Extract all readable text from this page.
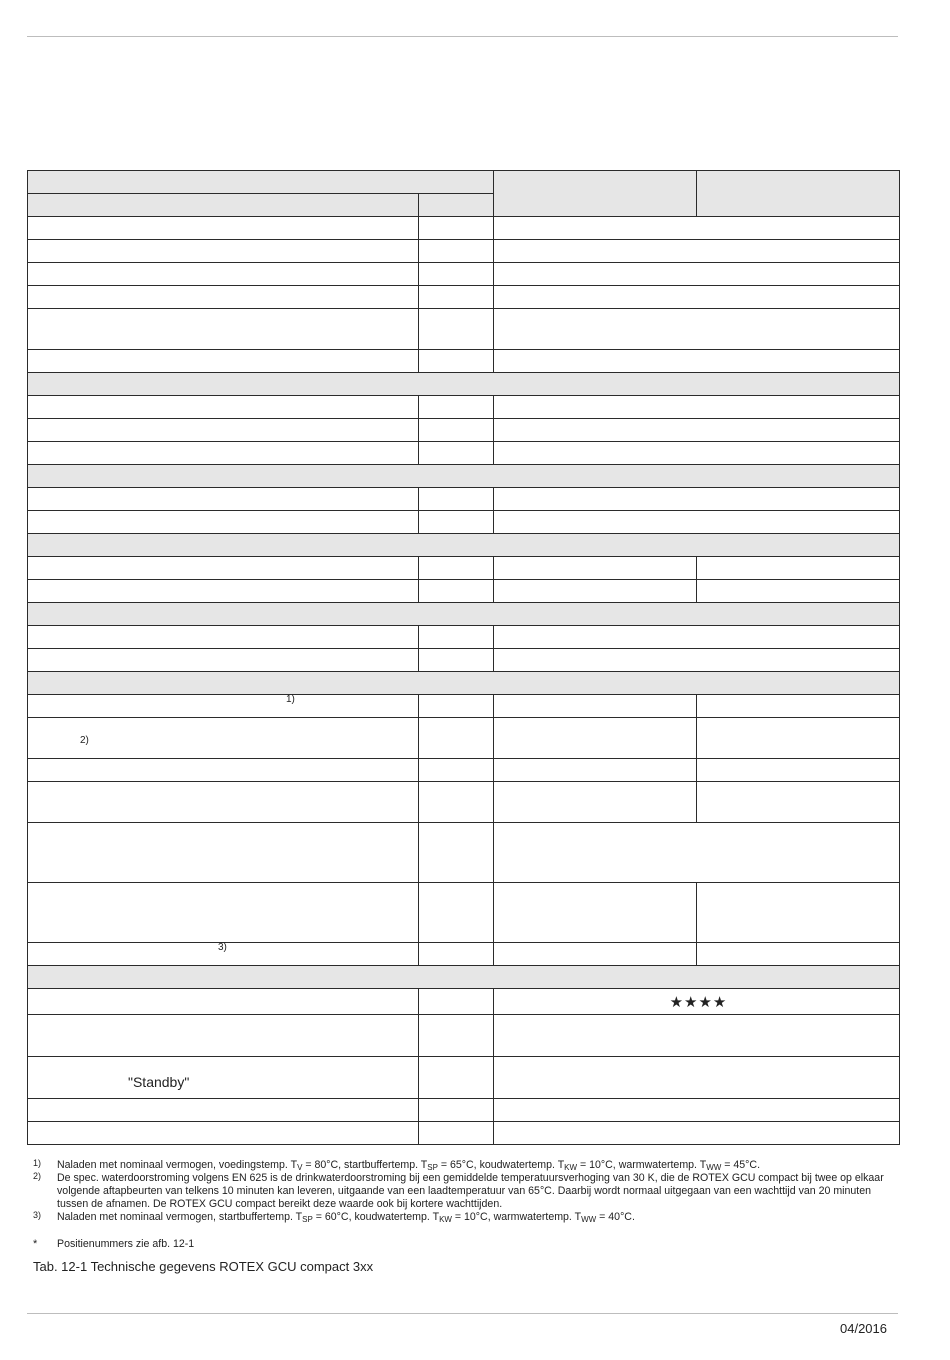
1)			

2)			

3)			

		★★★★	

"Standby"			

1) Naladen met nominaal vermogen, voedingstemp. $T_V = 80^\circ C$, startbuffertemp. $T_{SP} = 65^\circ C$, koudwatertemp. $T_{KW} = 10^\circ C$, warmwatertemp. $T_{WW} = 45^\circ C$.
2) De spec. waterdoorstroming volgens EN 625 is de drinkwaterdoorstroming bij een gemiddelde temperatuursverhoging van 30 K, die de ROTEX GCU compact bij twee op elkaar volgende aftapbeurten van telkens 10 minuten kan leveren, uitgaande van een laadtemperatuur van 65°C. Daarbij wordt normaal uitgegaan van een wachttijd van 20 minuten tussen de afnamen. De ROTEX GCU compact bereikt deze waarde ook bij kortere wachttijden.
3) Naladen met nominaal vermogen, startbuffertemp. $T_{SP} = 60^\circ C$, koudwatertemp. $T_{KW} = 10^\circ C$, warmwatertemp. $T_{WW} = 40^\circ C$.
* Positienummers zie afb. 12-1
Tab. 12-1 Technische gegevens ROTEX GCU compact 3xx
04/2016
